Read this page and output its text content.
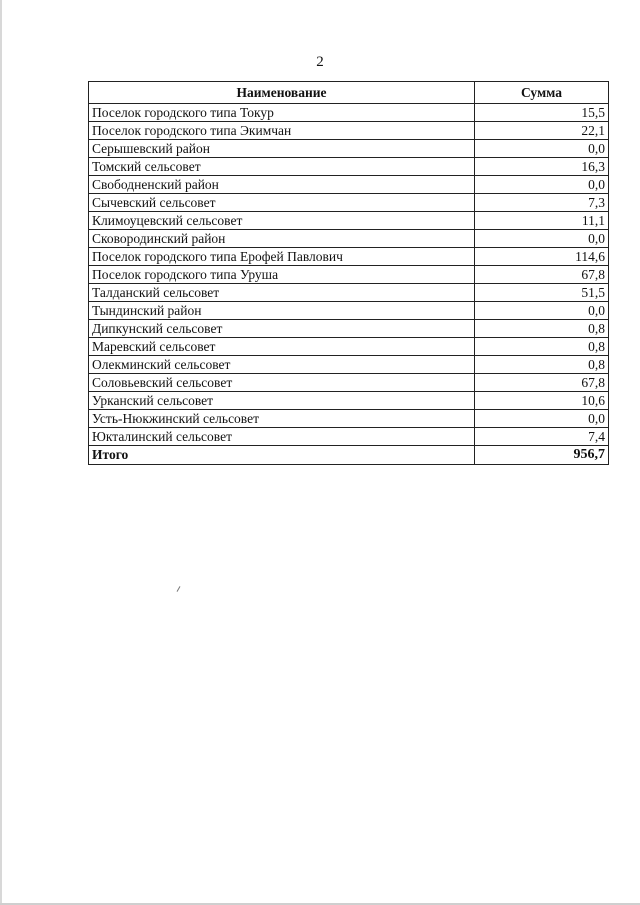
2
Наименование	Сумма
Поселок городского типа Токур	15,5
Поселок городского типа Экимчан	22,1
Серышевский район	0,0
Томский сельсовет	16,3
Свободненский район	0,0
Сычевский сельсовет	7,3
Климоуцевский сельсовет	11,1
Сковородинский район	0,0
Поселок городского типа Ерофей Павлович	114,6
Поселок городского типа Уруша	67,8
Талданский сельсовет	51,5
Тындинский район	0,0
Дипкунский сельсовет	0,8
Маревский сельсовет	0,8
Олекминский сельсовет	0,8
Соловьевский сельсовет	67,8
Урканский сельсовет	10,6
Усть-Нюкжинский сельсовет	0,0
Юкталинский сельсовет	7,4
Итого	956,7
